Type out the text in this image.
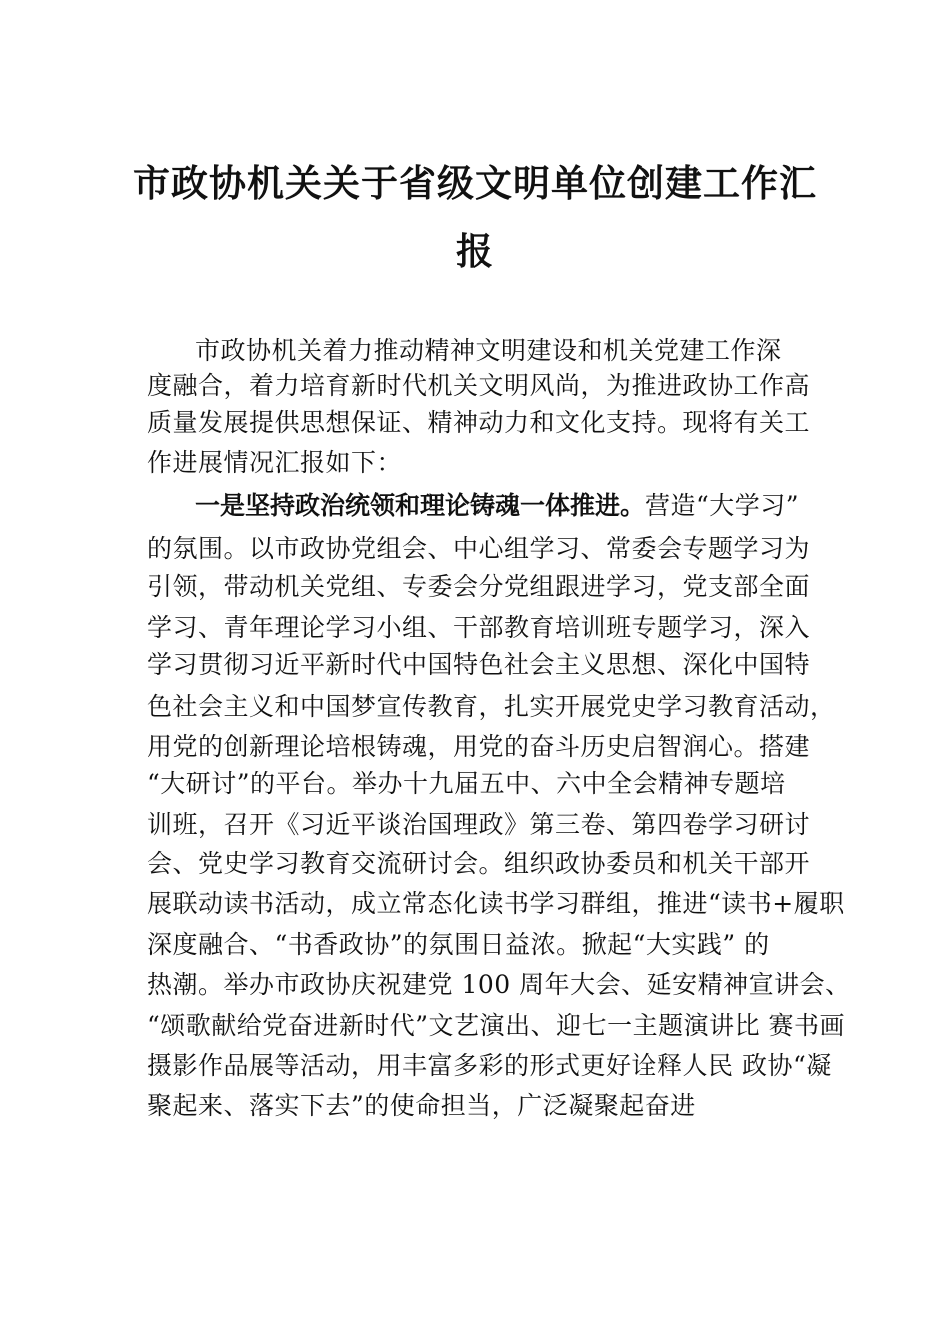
市政协机关关于省级文明单位创建工作汇
报
市政协机关着力推动精神文明建设和机关党建工作深
度融合，着力培育新时代机关文明风尚，为推进政协工作高
质量发展提供思想保证、精神动力和文化支持。现将有关工
作进展情况汇报如下：
一是坚持政治统领和理论铸魂一体推进。营造“大学习”
的氛围。以市政协党组会、中心组学习、常委会专题学习为
引领，带动机关党组、专委会分党组跟进学习，党支部全面
学习、青年理论学习小组、干部教育培训班专题学习，深入
学习贯彻习近平新时代中国特色社会主义思想、深化中国特
色社会主义和中国梦宣传教育，扎实开展党史学习教育活动，
用党的创新理论培根铸魂，用党的奋斗历史启智润心。搭建
“大研讨”的平台。举办十九届五中、六中全会精神专题培
训班，召开《习近平谈治国理政》第三卷、第四卷学习研讨
会、党史学习教育交流研讨会。组织政协委员和机关干部开
展联动读书活动，成立常态化读书学习群组，推进“读书+履职
深度融合、“书香政协”的氛围日益浓。掀起“大实践” 的
热潮。举办市政协庆祝建党 100 周年大会、延安精神宣讲会、
“颂歌献给党奋进新时代”文艺演出、迎七一主题演讲比 赛书画
摄影作品展等活动，用丰富多彩的形式更好诠释人民 政协“凝
聚起来、落实下去”的使命担当，广泛凝聚起奋进
